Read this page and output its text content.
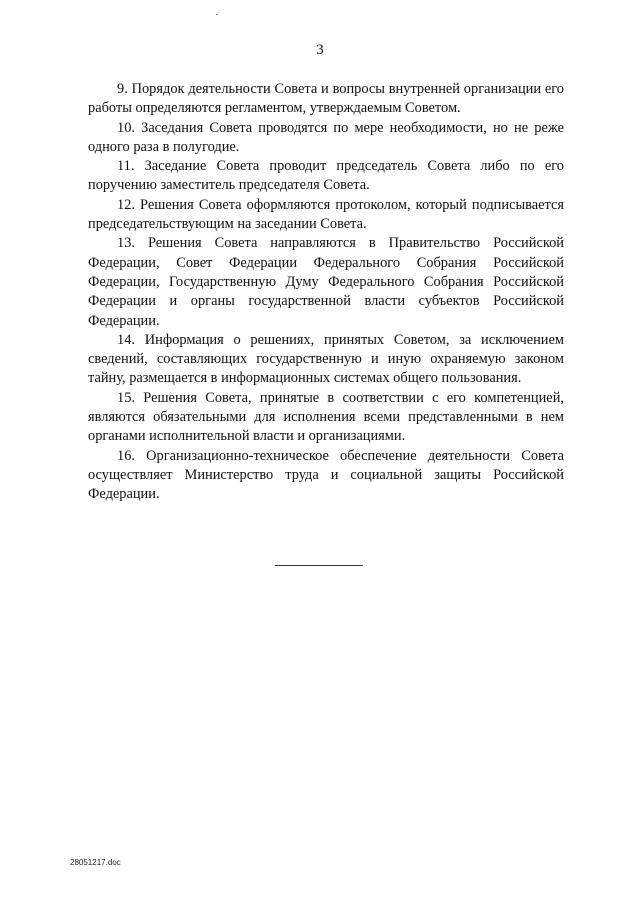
3

9. Порядок деятельности Совета и вопросы внутренней организации его работы определяются регламентом, утверждаемым Советом.

10. Заседания Совета проводятся по мере необходимости, но не реже одного раза в полугодие.

11. Заседание Совета проводит председатель Совета либо по его поручению заместитель председателя Совета.

12. Решения Совета оформляются протоколом, который подписывается председательствующим на заседании Совета.

13. Решения Совета направляются в Правительство Российской Федерации, Совет Федерации Федерального Собрания Российской Федерации, Государственную Думу Федерального Собрания Российской Федерации и органы государственной власти субъектов Российской Федерации.

14. Информация о решениях, принятых Советом, за исключением сведений, составляющих государственную и иную охраняемую законом тайну, размещается в информационных системах общего пользования.

15. Решения Совета, принятые в соответствии с его компетенцией, являются обязательными для исполнения всеми представленными в нем органами исполнительной власти и организациями.

16. Организационно-техническое обеспечение деятельности Совета осуществляет Министерство труда и социальной защиты Российской Федерации.

28051217.doc
